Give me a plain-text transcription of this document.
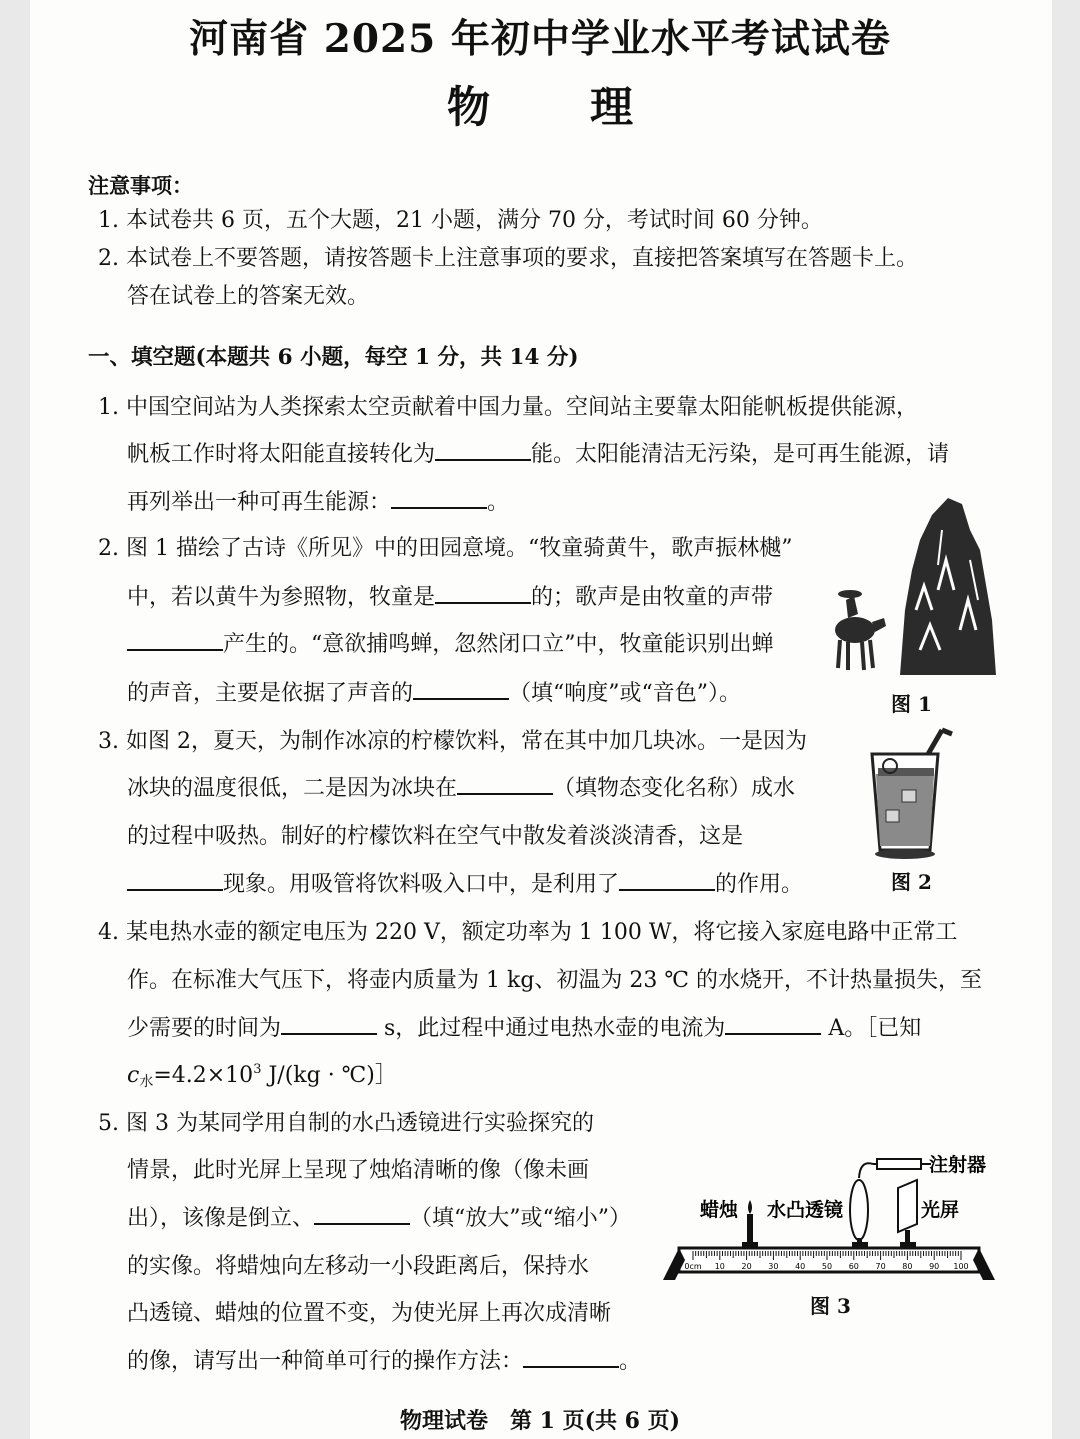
河南省 2025 年初中学业水平考试试卷
物 理
注意事项：
1. 本试卷共 6 页，五个大题，21 小题，满分 70 分，考试时间 60 分钟。
2. 本试卷上不要答题，请按答题卡上注意事项的要求，直接把答案填写在答题卡上。
答在试卷上的答案无效。
一、填空题(本题共 6 小题，每空 1 分，共 14 分)
1. 中国空间站为人类探索太空贡献着中国力量。空间站主要靠太阳能帆板提供能源，
帆板工作时将太阳能直接转化为	能。太阳能清洁无污染，是可再生能源，请
再列举出一种可再生能源：	。
2. 图 1 描绘了古诗《所见》中的田园意境。“牧童骑黄牛，歌声振林樾”
中，若以黄牛为参照物，牧童是	的；歌声是由牧童的声带
产生的。“意欲捕鸣蝉，忽然闭口立”中，牧童能识别出蝉
的声音，主要是依据了声音的	（填“响度”或“音色”）。	图 1
3. 如图 2，夏天，为制作冰凉的柠檬饮料，常在其中加几块冰。一是因为
冰块的温度很低，二是因为冰块在	（填物态变化名称）成水
的过程中吸热。制好的柠檬饮料在空气中散发着淡淡清香，这是
现象。用吸管将饮料吸入口中，是利用了	的作用。	图 2
4. 某电热水壶的额定电压为 220 V，额定功率为 1 100 W，将它接入家庭电路中正常工
作。在标准大气压下，将壶内质量为 1 kg、初温为 23 ℃ 的水烧开，不计热量损失，至
少需要的时间为	s，此过程中通过电热水壶的电流为	A。［已知
$c_水=4.2\times 10^3$ J/(kg · ℃)］
5. 图 3 为某同学用自制的水凸透镜进行实验探究的
情景，此时光屏上呈现了烛焰清晰的像（像未画
出），该像是倒立、	（填“放大”或“缩小”）
的实像。将蜡烛向左移动一小段距离后，保持水
凸透镜、蜡烛的位置不变，为使光屏上再次成清晰
的像，请写出一种简单可行的操作方法：	。
注射器
蜡烛 水凸透镜	光屏
0cm 10 20 30 40 50 60 70 80 90 100
图 3
物理试卷　第 1 页(共 6 页)
